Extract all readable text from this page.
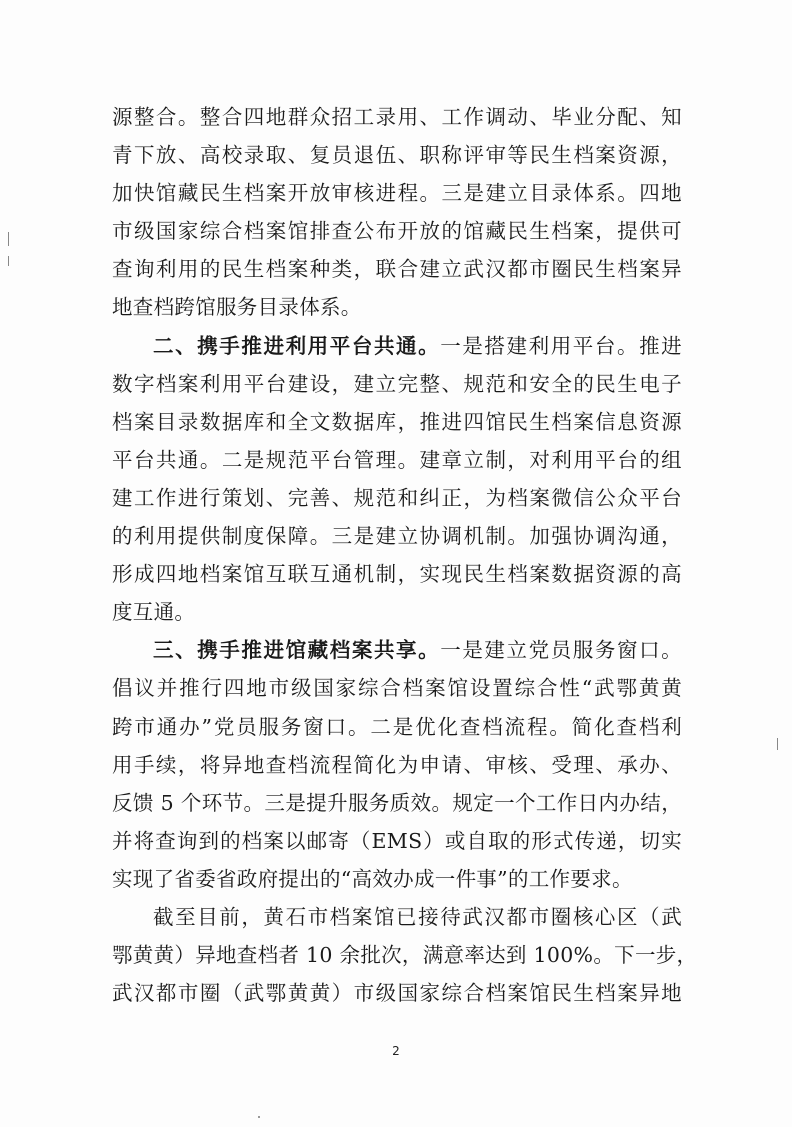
源整合。整合四地群众招工录用、工作调动、毕业分配、知
青下放、高校录取、复员退伍、职称评审等民生档案资源，
加快馆藏民生档案开放审核进程。三是建立目录体系。四地
市级国家综合档案馆排查公布开放的馆藏民生档案，提供可
查询利用的民生档案种类，联合建立武汉都市圈民生档案异
地查档跨馆服务目录体系。
二、携手推进利用平台共通。一是搭建利用平台。推进
数字档案利用平台建设，建立完整、规范和安全的民生电子
档案目录数据库和全文数据库，推进四馆民生档案信息资源
平台共通。二是规范平台管理。建章立制，对利用平台的组
建工作进行策划、完善、规范和纠正，为档案微信公众平台
的利用提供制度保障。三是建立协调机制。加强协调沟通，
形成四地档案馆互联互通机制，实现民生档案数据资源的高
度互通。
三、携手推进馆藏档案共享。一是建立党员服务窗口。
倡议并推行四地市级国家综合档案馆设置综合性“武鄂黄黄
跨市通办”党员服务窗口。二是优化查档流程。简化查档利
用手续，将异地查档流程简化为申请、审核、受理、承办、
反馈 5 个环节。三是提升服务质效。规定一个工作日内办结，
并将查询到的档案以邮寄（EMS）或自取的形式传递，切实
实现了省委省政府提出的“高效办成一件事”的工作要求。
截至目前，黄石市档案馆已接待武汉都市圈核心区（武
鄂黄黄）异地查档者 10 余批次，满意率达到 100%。下一步，
武汉都市圈（武鄂黄黄）市级国家综合档案馆民生档案异地
2
